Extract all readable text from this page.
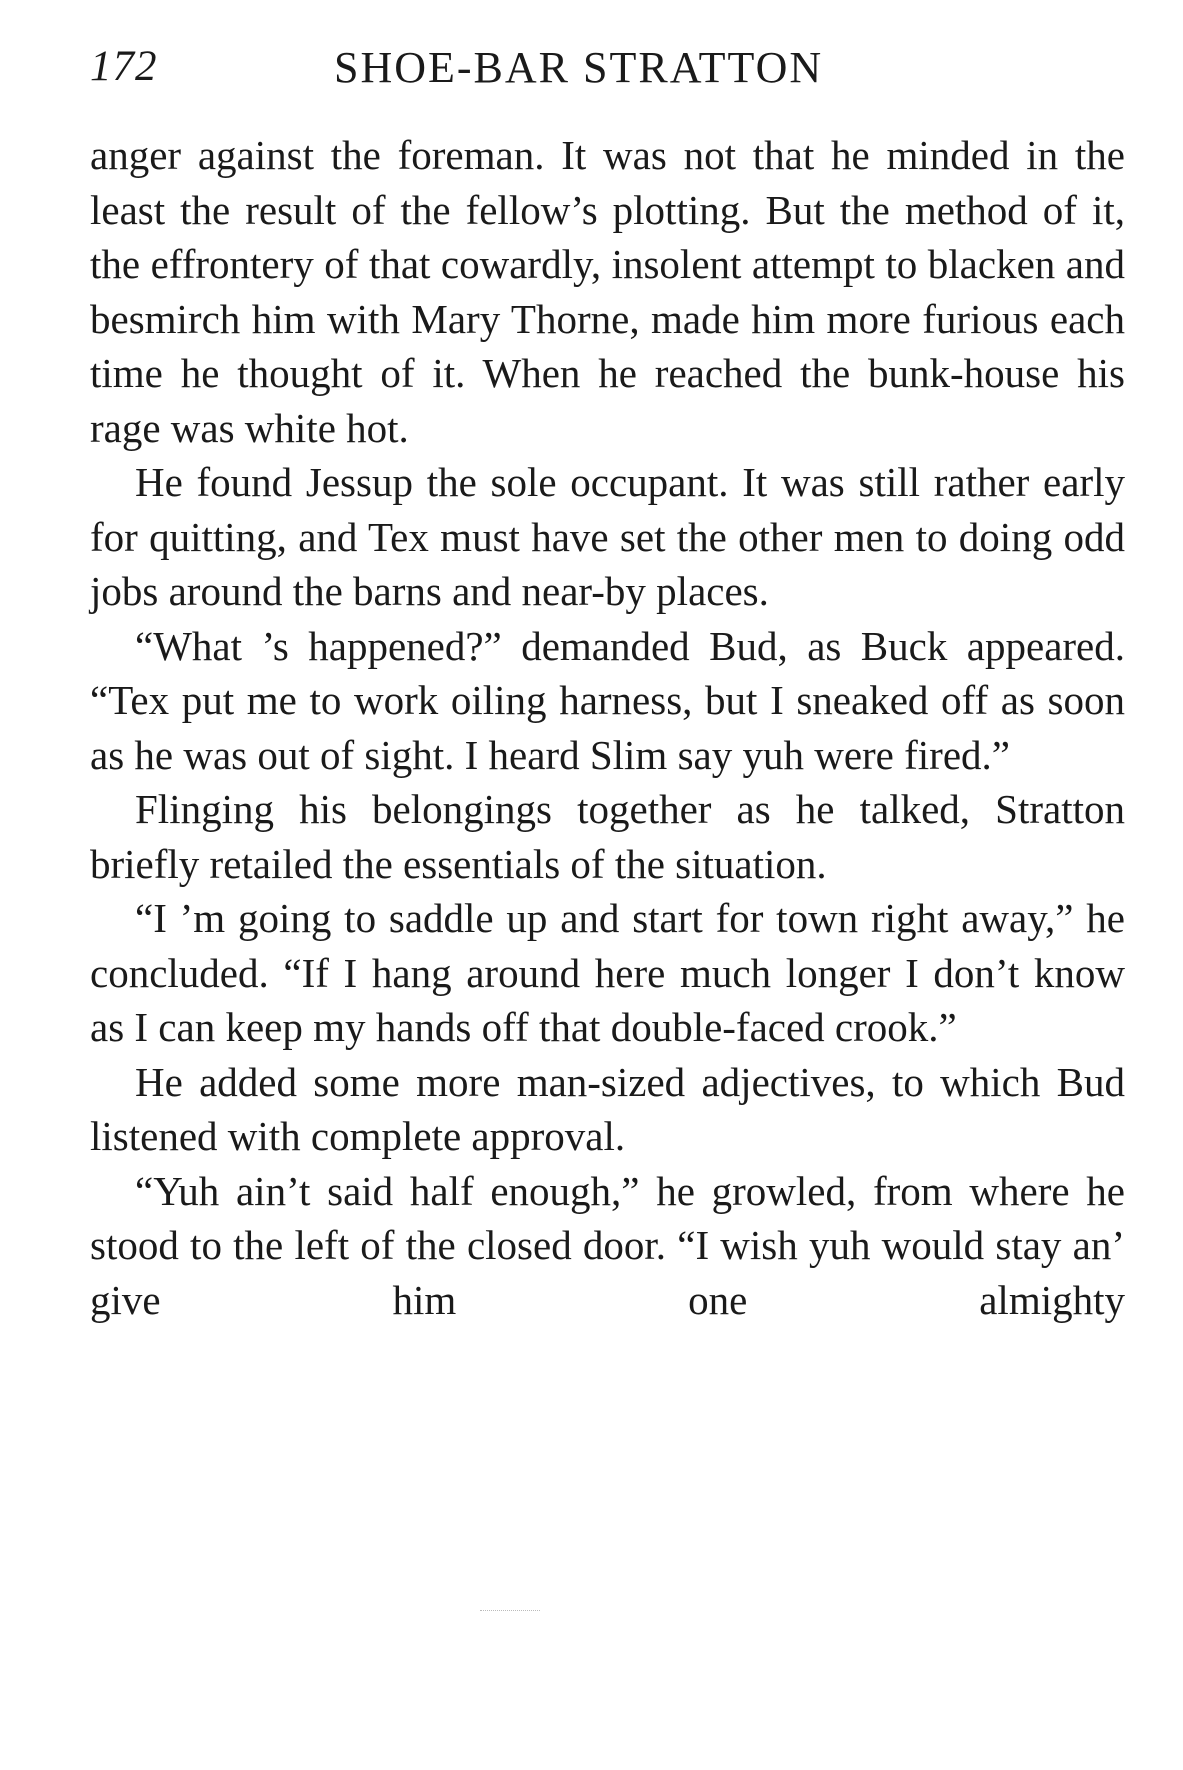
172	SHOE-BAR STRATTON

anger against the foreman. It was not that he minded in the least the result of the fellow’s plotting. But the method of it, the effrontery of that cowardly, insolent attempt to blacken and besmirch him with Mary Thorne, made him more furious each time he thought of it. When he reached the bunk-house his rage was white hot.

He found Jessup the sole occupant. It was still rather early for quitting, and Tex must have set the other men to doing odd jobs around the barns and near-by places.

“What ’s happened?” demanded Bud, as Buck appeared. “Tex put me to work oiling harness, but I sneaked off as soon as he was out of sight. I heard Slim say yuh were fired.”

Flinging his belongings together as he talked, Stratton briefly retailed the essentials of the situation.

“I ’m going to saddle up and start for town right away,” he concluded. “If I hang around here much longer I don’t know as I can keep my hands off that double-faced crook.”

He added some more man-sized adjectives, to which Bud listened with complete approval.

“Yuh ain’t said half enough,” he growled, from where he stood to the left of the closed door. “I wish yuh would stay an’ give him one almighty
